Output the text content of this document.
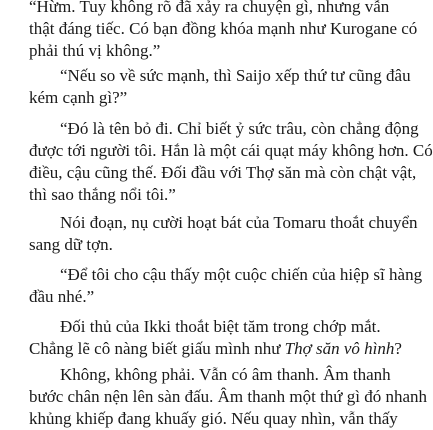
“Hừm. Tuy không rõ đã xảy ra chuyện gì, nhưng vẫn
thật đáng tiếc. Có bạn đồng khóa mạnh như Kurogane có
phải thú vị không.”
“Nếu so về sức mạnh, thì Saijo xếp thứ tư cũng đâu
kém cạnh gì?”
“Đó là tên bỏ đi. Chỉ biết ỷ sức trâu, còn chẳng động
được tới người tôi. Hắn là một cái quạt máy không hơn. Có
điều, cậu cũng thế. Đối đầu với Thợ săn mà còn chật vật,
thì sao thắng nổi tôi.”
Nói đoạn, nụ cười hoạt bát của Tomaru thoắt chuyển
sang dữ tợn.
“Để tôi cho cậu thấy một cuộc chiến của hiệp sĩ hàng
đầu nhé.”
Đối thủ của Ikki thoắt biệt tăm trong chớp mắt.
Chẳng lẽ cô nàng biết giấu mình như Thợ săn vô hình?
Không, không phải. Vẫn có âm thanh. Âm thanh
bước chân nện lên sàn đấu. Âm thanh một thứ gì đó nhanh
khủng khiếp đang khuấy gió. Nếu quay nhìn, vẫn thấy
